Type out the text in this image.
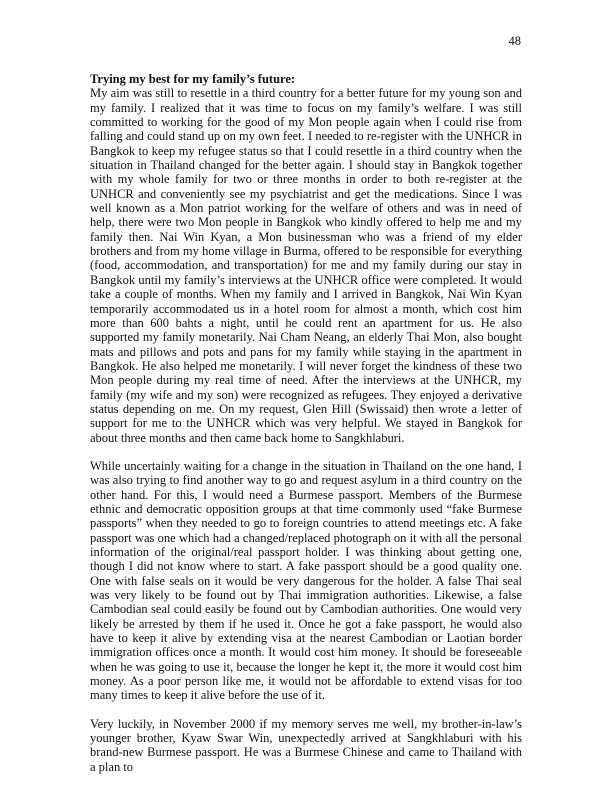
48

Trying my best for my family’s future:

My aim was still to resettle in a third country for a better future for my young son and my family. I realized that it was time to focus on my family’s welfare. I was still committed to working for the good of my Mon people again when I could rise from falling and could stand up on my own feet. I needed to re-register with the UNHCR in Bangkok to keep my refugee status so that I could resettle in a third country when the situation in Thailand changed for the better again. I should stay in Bangkok together with my whole family for two or three months in order to both re-register at the UNHCR and conveniently see my psychiatrist and get the medications. Since I was well known as a Mon patriot working for the welfare of others and was in need of help, there were two Mon people in Bangkok who kindly offered to help me and my family then. Nai Win Kyan, a Mon businessman who was a friend of my elder brothers and from my home village in Burma, offered to be responsible for everything (food, accommodation, and transportation) for me and my family during our stay in Bangkok until my family’s interviews at the UNHCR office were completed. It would take a couple of months. When my family and I arrived in Bangkok, Nai Win Kyan temporarily accommodated us in a hotel room for almost a month, which cost him more than 600 bahts a night, until he could rent an apartment for us. He also supported my family monetarily. Nai Cham Neang, an elderly Thai Mon, also bought mats and pillows and pots and pans for my family while staying in the apartment in Bangkok. He also helped me monetarily. I will never forget the kindness of these two Mon people during my real time of need. After the interviews at the UNHCR, my family (my wife and my son) were recognized as refugees. They enjoyed a derivative status depending on me. On my request, Glen Hill (Swissaid) then wrote a letter of support for me to the UNHCR which was very helpful. We stayed in Bangkok for about three months and then came back home to Sangkhlaburi.

While uncertainly waiting for a change in the situation in Thailand on the one hand, I was also trying to find another way to go and request asylum in a third country on the other hand. For this, I would need a Burmese passport. Members of the Burmese ethnic and democratic opposition groups at that time commonly used “fake Burmese passports” when they needed to go to foreign countries to attend meetings etc. A fake passport was one which had a changed/replaced photograph on it with all the personal information of the original/real passport holder. I was thinking about getting one, though I did not know where to start. A fake passport should be a good quality one. One with false seals on it would be very dangerous for the holder. A false Thai seal was very likely to be found out by Thai immigration authorities. Likewise, a false Cambodian seal could easily be found out by Cambodian authorities. One would very likely be arrested by them if he used it. Once he got a fake passport, he would also have to keep it alive by extending visa at the nearest Cambodian or Laotian border immigration offices once a month. It would cost him money. It should be foreseeable when he was going to use it, because the longer he kept it, the more it would cost him money. As a poor person like me, it would not be affordable to extend visas for too many times to keep it alive before the use of it.

Very luckily, in November 2000 if my memory serves me well, my brother-in-law’s younger brother, Kyaw Swar Win, unexpectedly arrived at Sangkhlaburi with his brand-new Burmese passport. He was a Burmese Chinese and came to Thailand with a plan to
